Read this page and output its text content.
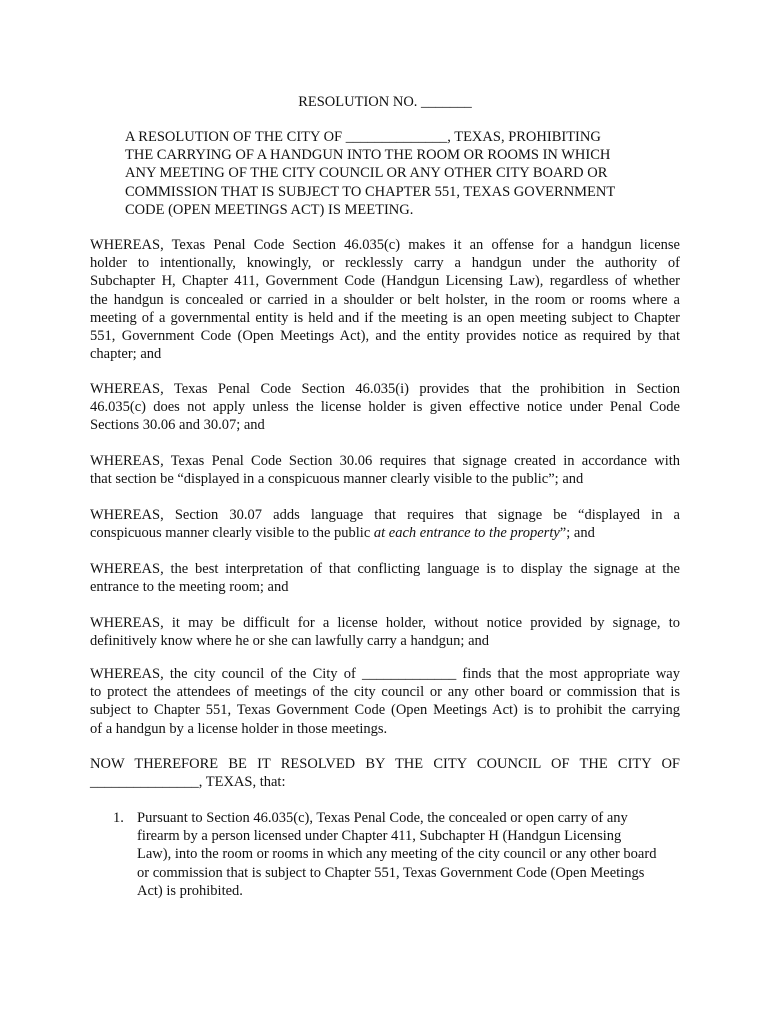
RESOLUTION NO. _______
A RESOLUTION OF THE CITY OF ______________, TEXAS, PROHIBITING
THE CARRYING OF A HANDGUN INTO THE ROOM OR ROOMS IN WHICH
ANY MEETING OF THE CITY COUNCIL OR ANY OTHER CITY BOARD OR
COMMISSION THAT IS SUBJECT TO CHAPTER 551, TEXAS GOVERNMENT
CODE (OPEN MEETINGS ACT) IS MEETING.
WHEREAS, Texas Penal Code Section 46.035(c) makes it an offense for a handgun license
holder to intentionally, knowingly, or recklessly carry a handgun under the authority of
Subchapter H, Chapter 411, Government Code (Handgun Licensing Law), regardless of whether
the handgun is concealed or carried in a shoulder or belt holster, in the room or rooms where a
meeting of a governmental entity is held and if the meeting is an open meeting subject to Chapter
551, Government Code (Open Meetings Act), and the entity provides notice as required by that
chapter; and
WHEREAS, Texas Penal Code Section 46.035(i) provides that the prohibition in Section
46.035(c) does not apply unless the license holder is given effective notice under Penal Code
Sections 30.06 and 30.07; and
WHEREAS, Texas Penal Code Section 30.06 requires that signage created in accordance with
that section be “displayed in a conspicuous manner clearly visible to the public”; and
WHEREAS, Section 30.07 adds language that requires that signage be “displayed in a
conspicuous manner clearly visible to the public at each entrance to the property”; and
WHEREAS, the best interpretation of that conflicting language is to display the signage at the
entrance to the meeting room; and
WHEREAS, it may be difficult for a license holder, without notice provided by signage, to
definitively know where he or she can lawfully carry a handgun; and
WHEREAS, the city council of the City of _____________ finds that the most appropriate way
to protect the attendees of meetings of the city council or any other board or commission that is
subject to Chapter 551, Texas Government Code (Open Meetings Act) is to prohibit the carrying
of a handgun by a license holder in those meetings.
NOW THEREFORE BE IT RESOLVED BY THE CITY COUNCIL OF THE CITY OF
_______________, TEXAS, that:
1. Pursuant to Section 46.035(c), Texas Penal Code, the concealed or open carry of any
firearm by a person licensed under Chapter 411, Subchapter H (Handgun Licensing
Law), into the room or rooms in which any meeting of the city council or any other board
or commission that is subject to Chapter 551, Texas Government Code (Open Meetings
Act) is prohibited.
